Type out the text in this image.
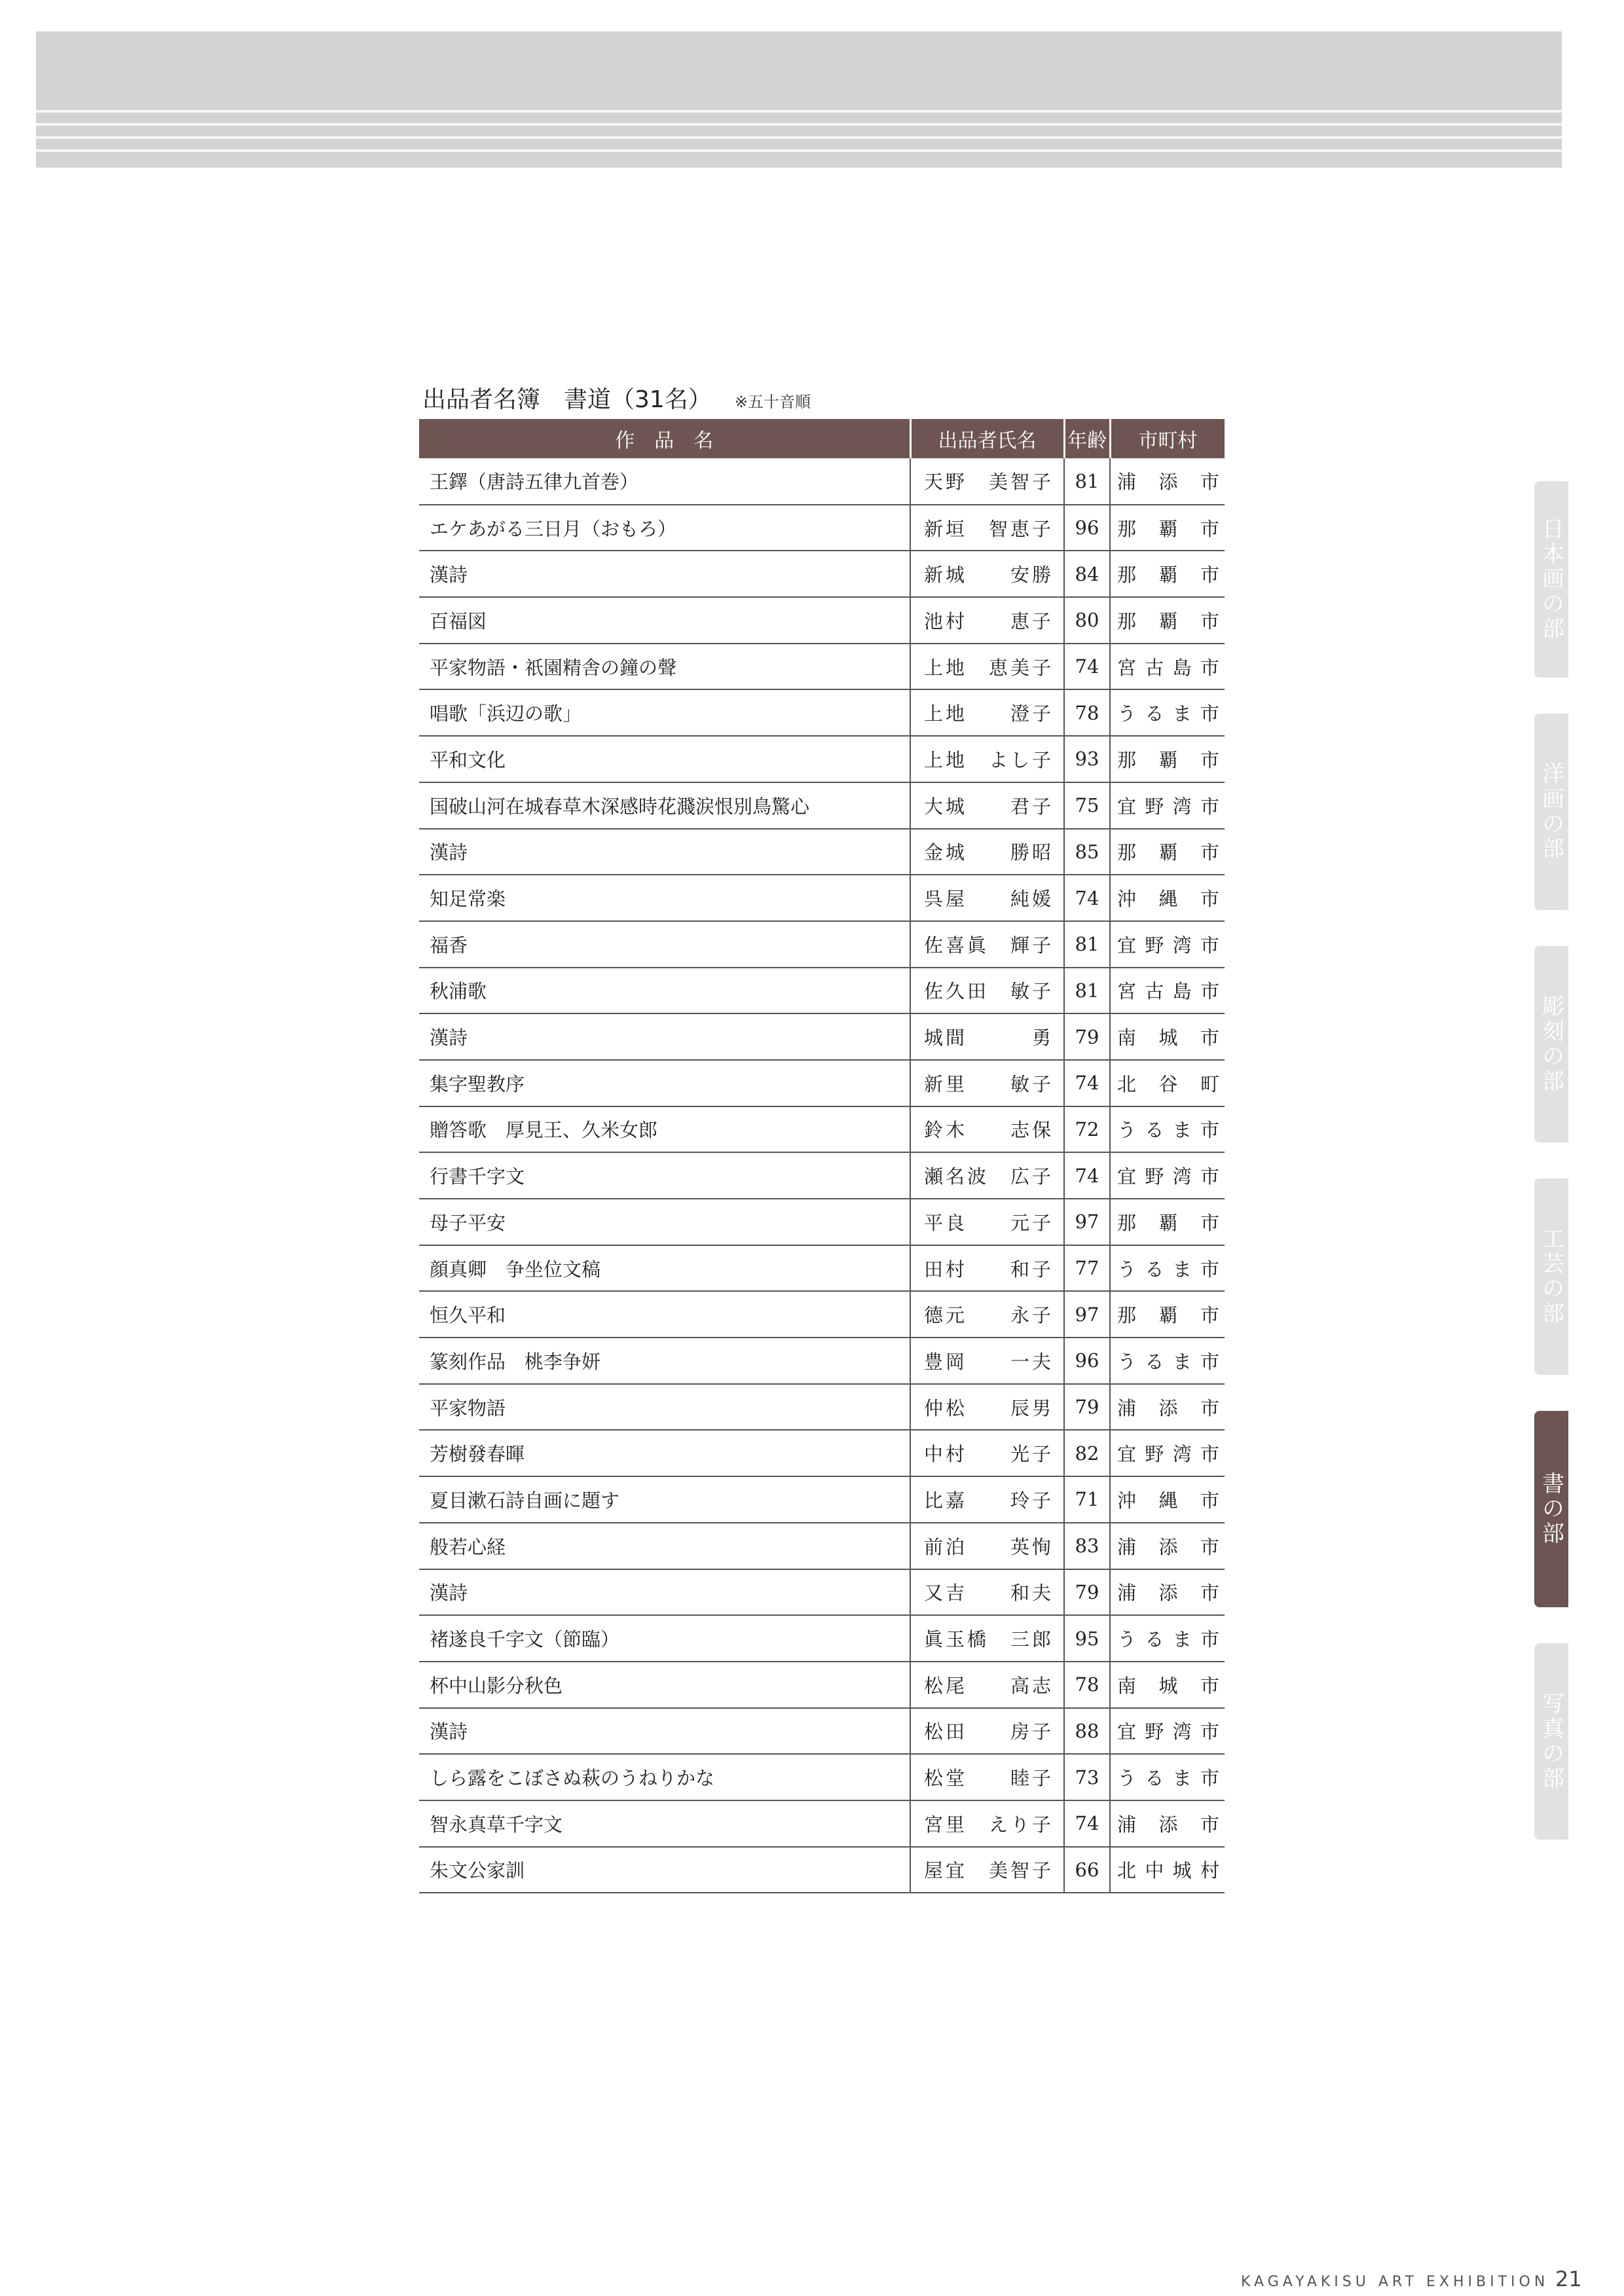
出品者名簿　書道（31名） ※五十音順
作　品　名	出品者氏名	年齢	市町村
王鐸（唐詩五律九首巻）	天野　美智子	81	浦添市

エケあがる三日月（おもろ）	新垣　智恵子	96	那覇市

漢詩	新城　　安勝	84	那覇市

百福図	池村　　恵子	80	那覇市

平家物語・祇園精舎の鐘の聲	上地　恵美子	74	宮古島市

唱歌「浜辺の歌」	上地　　澄子	78	うるま市

平和文化	上地　よし子	93	那覇市

国破山河在城春草木深感時花濺涙恨別鳥驚心	大城　　君子	75	宜野湾市

漢詩	金城　　勝昭	85	那覇市

知足常楽	呉屋　　純媛	74	沖縄市

福香	佐喜眞　輝子	81	宜野湾市

秋浦歌	佐久田　敏子	81	宮古島市

漢詩	城間　　　勇	79	南城市

集字聖教序	新里　　敏子	74	北谷町

贈答歌　厚見王、久米女郎	鈴木　　志保	72	うるま市

行書千字文	瀬名波　広子	74	宜野湾市

母子平安	平良　　元子	97	那覇市

顔真卿　争坐位文稿	田村　　和子	77	うるま市

恒久平和	德元　　永子	97	那覇市

篆刻作品　桃李争妍	豊岡　　一夫	96	うるま市

平家物語	仲松　　辰男	79	浦添市

芳樹發春暉	中村　　光子	82	宜野湾市

夏目漱石詩自画に題す	比嘉　　玲子	71	沖縄市

般若心経	前泊　　英恂	83	浦添市

漢詩	又吉　　和夫	79	浦添市

褚遂良千字文（節臨）	眞玉橋　三郎	95	うるま市

杯中山影分秋色	松尾　　高志	78	南城市

漢詩	松田　　房子	88	宜野湾市

しら露をこぼさぬ萩のうねりかな	松堂　　睦子	73	うるま市

智永真草千字文	宮里　えり子	74	浦添市

朱文公家訓	屋宜　美智子	66	北中城村
日本画の部
洋画の部
彫刻の部
工芸の部
書の部
写真の部
KAGAYAKISU ART EXHIBITION 21
